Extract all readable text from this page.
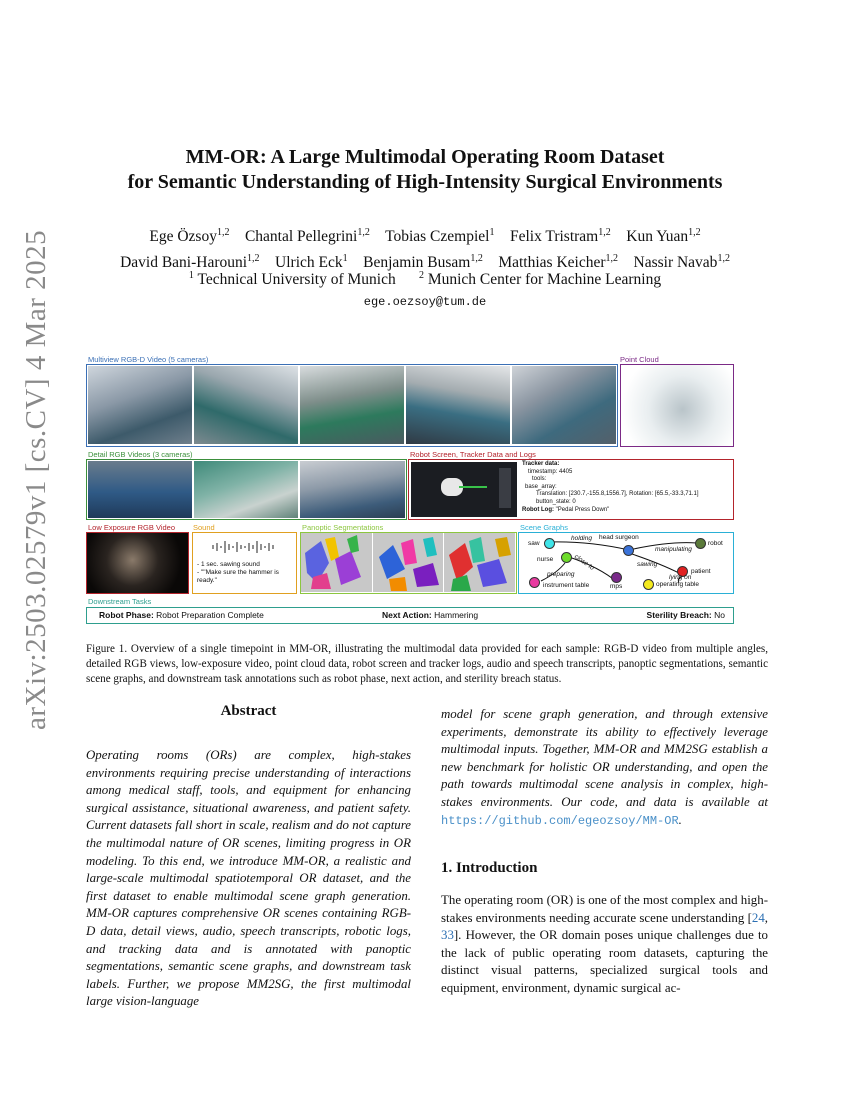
arXiv:2503.02579v1 [cs.CV] 4 Mar 2025
MM-OR: A Large Multimodal Operating Room Dataset
for Semantic Understanding of High-Intensity Surgical Environments
Ege Özsoy$^{1,2}$ Chantal Pellegrini$^{1,2}$ Tobias Czempiel$^1$ Felix Tristram$^{1,2}$ Kun Yuan$^{1,2}$
David Bani-Harouni$^{1,2}$ Ulrich Eck$^1$ Benjamin Busam$^{1,2}$ Matthias Keicher$^{1,2}$ Nassir Navab$^{1,2}$
$^1$ Technical University of Munich $^2$ Munich Center for Machine Learning
ege.oezsoy@tum.de
Multiview RGB-D Video (5 cameras)	Point Cloud
Detail RGB Videos (3 cameras)	Robot Screen, Tracker Data and Logs
Tracker data:
timestamp: 4405
tools:
base_array:
Translation: [230.7,-155.8,1556.7], Rotation: [65.5,-33.3,71.1]
button_state: 0
Robot Log: "Pedal Press Down"
Low Exposure RGB Video Sound
- 1 sec. sawing sound
- ""Make sure the hammer is ready."
Panoptic Segmentations	Scene Graphs
saw
head surgeon
robot
nurse
patient
instrument table	mps	operating table
holding
manipulating
close to	sawing
preparing	lying on
Downstream Tasks
Robot Phase: Robot Preparation Complete	Next Action: Hammering	Sterility Breach: No
Figure 1. Overview of a single timepoint in MM-OR, illustrating the multimodal data provided for each sample: RGB-D video from multiple angles, detailed RGB views, low-exposure video, point cloud data, robot screen and tracker logs, audio and speech transcripts, panoptic segmentations, semantic scene graphs, and downstream task annotations such as robot phase, next action, and sterility breach status.
Abstract
Operating rooms (ORs) are complex, high-stakes environments requiring precise understanding of interactions among medical staff, tools, and equipment for enhancing surgical assistance, situational awareness, and patient safety. Current datasets fall short in scale, realism and do not capture the multimodal nature of OR scenes, limiting progress in OR modeling. To this end, we introduce MM-OR, a realistic and large-scale multimodal spatiotemporal OR dataset, and the first dataset to enable multimodal scene graph generation. MM-OR captures comprehensive OR scenes containing RGB-D data, detail views, audio, speech transcripts, robotic logs, and tracking data and is annotated with panoptic segmentations, semantic scene graphs, and downstream task labels. Further, we propose MM2SG, the first multimodal large vision-language
model for scene graph generation, and through extensive experiments, demonstrate its ability to effectively leverage multimodal inputs. Together, MM-OR and MM2SG establish a new benchmark for holistic OR understanding, and open the path towards multimodal scene analysis in complex, high-stakes environments. Our code, and data is available at https://github.com/egeozsoy/MM-OR.
1. Introduction
The operating room (OR) is one of the most complex and high-stakes environments needing accurate scene understanding [24, 33]. However, the OR domain poses unique challenges due to the lack of public operating room datasets, capturing the distinct visual patterns, specialized surgical tools and equipment, environment, dynamic surgical ac-
